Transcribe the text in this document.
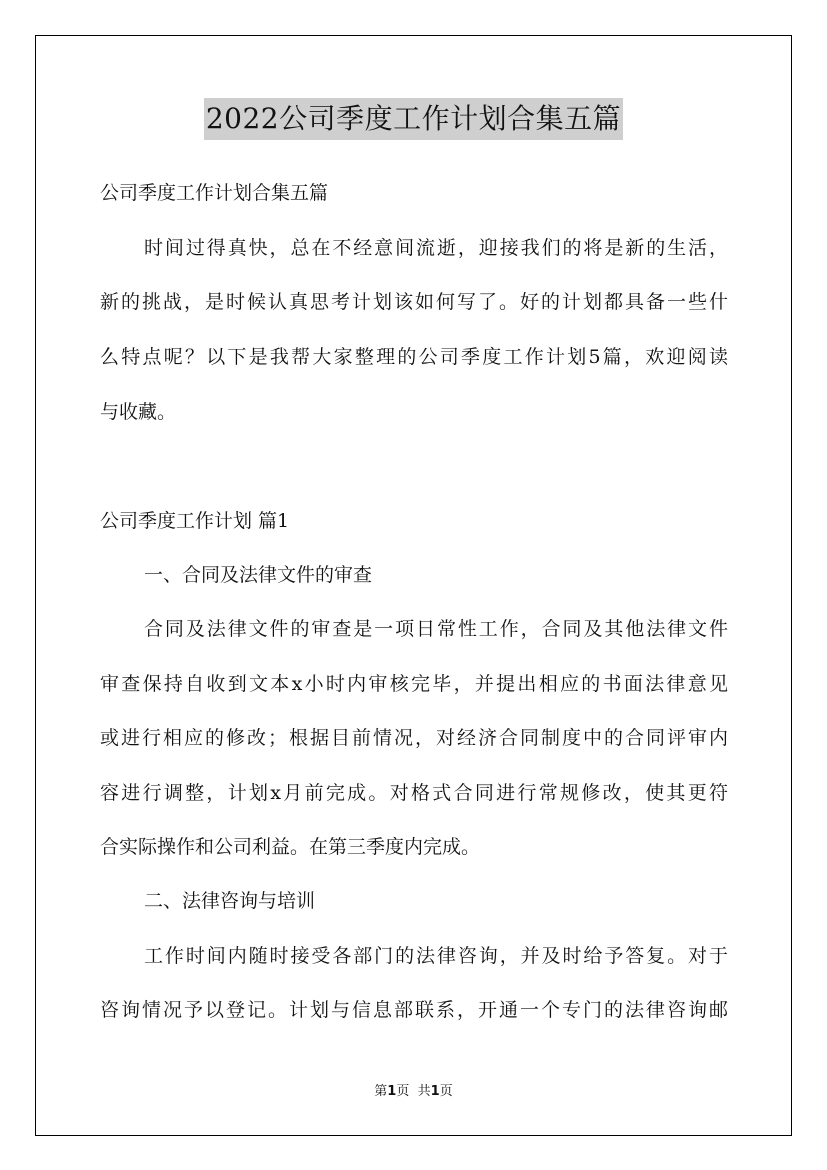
2022公司季度工作计划合集五篇
公司季度工作计划合集五篇
时间过得真快，总在不经意间流逝，迎接我们的将是新的生活，
新的挑战，是时候认真思考计划该如何写了。好的计划都具备一些什
么特点呢？以下是我帮大家整理的公司季度工作计划5篇，欢迎阅读
与收藏。
公司季度工作计划 篇1
一、合同及法律文件的审查
合同及法律文件的审查是一项日常性工作，合同及其他法律文件
审查保持自收到文本x小时内审核完毕，并提出相应的书面法律意见
或进行相应的修改；根据目前情况，对经济合同制度中的合同评审内
容进行调整，计划x月前完成。对格式合同进行常规修改，使其更符
合实际操作和公司利益。在第三季度内完成。
二、法律咨询与培训
工作时间内随时接受各部门的法律咨询，并及时给予答复。对于
咨询情况予以登记。计划与信息部联系，开通一个专门的法律咨询邮
第1页 共1页
